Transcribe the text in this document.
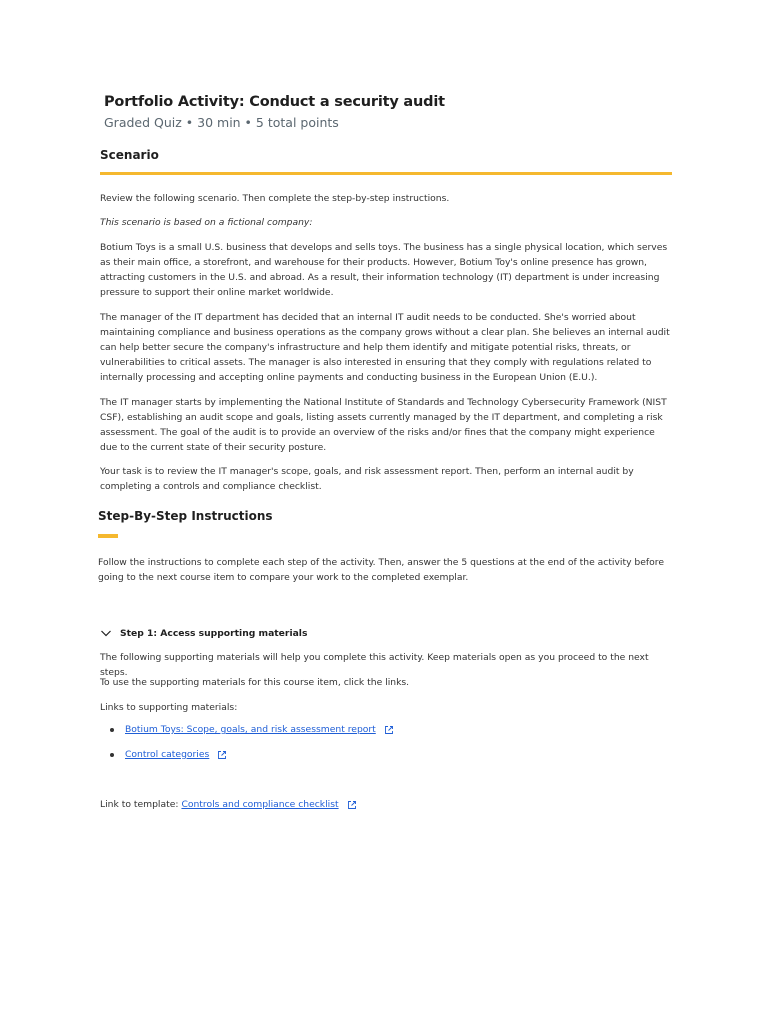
Portfolio Activity: Conduct a security audit
Graded Quiz • 30 min • 5 total points
Scenario

Review the following scenario. Then complete the step-by-step instructions.

This scenario is based on a fictional company:

Botium Toys is a small U.S. business that develops and sells toys. The business has a single physical location, which serves as their main office, a storefront, and warehouse for their products. However, Botium Toy's online presence has grown, attracting customers in the U.S. and abroad. As a result, their information technology (IT) department is under increasing pressure to support their online market worldwide.

The manager of the IT department has decided that an internal IT audit needs to be conducted. She's worried about maintaining compliance and business operations as the company grows without a clear plan. She believes an internal audit can help better secure the company's infrastructure and help them identify and mitigate potential risks, threats, or vulnerabilities to critical assets. The manager is also interested in ensuring that they comply with regulations related to internally processing and accepting online payments and conducting business in the European Union (E.U.).

The IT manager starts by implementing the National Institute of Standards and Technology Cybersecurity Framework (NIST CSF), establishing an audit scope and goals, listing assets currently managed by the IT department, and completing a risk assessment. The goal of the audit is to provide an overview of the risks and/or fines that the company might experience due to the current state of their security posture.

Your task is to review the IT manager's scope, goals, and risk assessment report. Then, perform an internal audit by completing a controls and compliance checklist.

Step-By-Step Instructions

Follow the instructions to complete each step of the activity. Then, answer the 5 questions at the end of the activity before going to the next course item to compare your work to the completed exemplar.

Step 1: Access supporting materials

The following supporting materials will help you complete this activity. Keep materials open as you proceed to the next steps.

To use the supporting materials for this course item, click the links.

Links to supporting materials:

Botium Toys: Scope, goals, and risk assessment report
Control categories
Link to template: Controls and compliance checklist
